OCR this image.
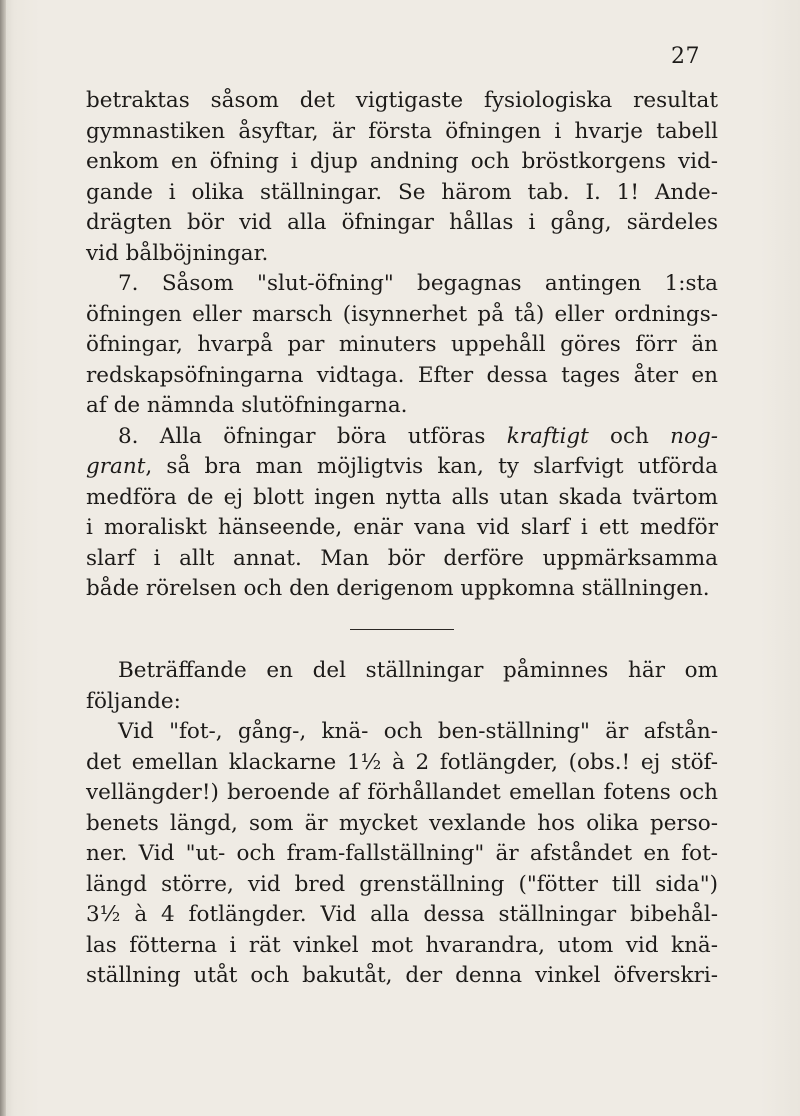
27
betraktas såsom det vigtigaste fysiologiska resultat
gymnastiken åsyftar, är första öfningen i hvarje tabell
enkom en öfning i djup andning och bröstkorgens vid-
gande i olika ställningar. Se härom tab. I. 1! Ande-
drägten bör vid alla öfningar hållas i gång, särdeles
vid bålböjningar.
7. Såsom "slut-öfning" begagnas antingen 1:sta
öfningen eller marsch (isynnerhet på tå) eller ordnings-
öfningar, hvarpå par minuters uppehåll göres förr än
redskapsöfningarna vidtaga. Efter dessa tages åter en
af de nämnda slutöfningarna.
8. Alla öfningar böra utföras kraftigt och nog-
grant, så bra man möjligtvis kan, ty slarfvigt utförda
medföra de ej blott ingen nytta alls utan skada tvärtom
i moraliskt hänseende, enär vana vid slarf i ett medför
slarf i allt annat. Man bör derföre uppmärksamma
både rörelsen och den derigenom uppkomna ställningen.
Beträffande en del ställningar påminnes här om
följande:
Vid "fot-, gång-, knä- och ben-ställning" är afstån-
det emellan klackarne 1½ à 2 fotlängder, (obs.! ej stöf-
vellängder!) beroende af förhållandet emellan fotens och
benets längd, som är mycket vexlande hos olika perso-
ner. Vid "ut- och fram-fallställning" är afståndet en fot-
längd större, vid bred grenställning ("fötter till sida")
3½ à 4 fotlängder. Vid alla dessa ställningar bibehål-
las fötterna i rät vinkel mot hvarandra, utom vid knä-
ställning utåt och bakutåt, der denna vinkel öfverskri-
